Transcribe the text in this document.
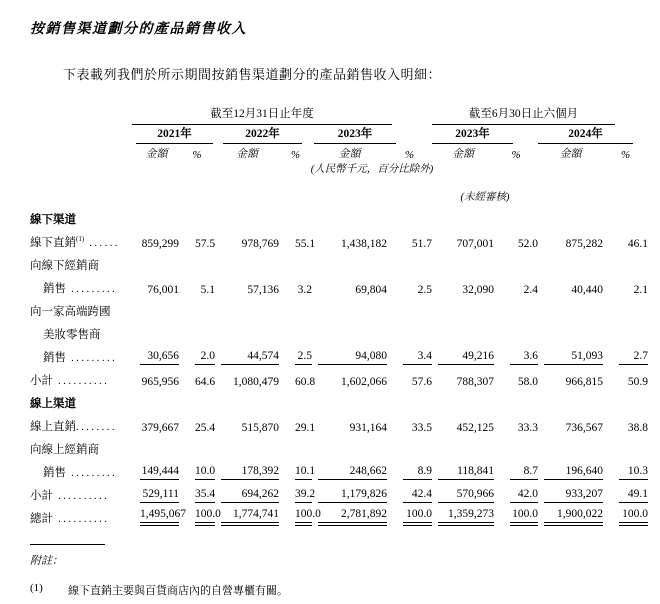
按銷售渠道劃分的產品銷售收入

下表載列我們於所示期間按銷售渠道劃分的產品銷售收入明細：

	截至12月31日止年度						截至6月30日止六個月			

	2021年		2022年		2023年		2023年		2024年	

	金額	%	金額	%	金額	%	金額	%	金額	%

					(人民幣千元，百分比除外)					

							(未經審核)			

線下渠道										
線下直銷$^{(1)}$ ......	859,299	57.5	978,769	55.1	1,438,182	51.7	707,001	52.0	875,282	46.1

向線下經銷商										
銷售 .........	76,001	5.1	57,136	3.2	69,804	2.5	32,090	2.4	40,440	2.1

向一家高端跨國										
美妝零售商										
銷售 .........	30,656	2.0	44,574	2.5	94,080	3.4	49,216	3.6	51,093	2.7

小計 ..........	965,956	64.6	1,080,479	60.8	1,602,066	57.6	788,307	58.0	966,815	50.9

線上渠道										
線上直銷........	379,667	25.4	515,870	29.1	931,164	33.5	452,125	33.3	736,567	38.8

向線上經銷商										
銷售 .........	149,444	10.0	178,392	10.1	248,662	8.9	118,841	8.7	196,640	10.3

小計 ..........	529,111	35.4	694,262	39.2	1,179,826	42.4	570,966	42.0	933,207	49.1

總計 ..........	1,495,067	100.0	1,774,741	100.0	2,781,892	100.0	1,359,273	100.0	1,900,022	100.0

附註：

(1)	線下直銷主要與百貨商店內的自營專櫃有關。
